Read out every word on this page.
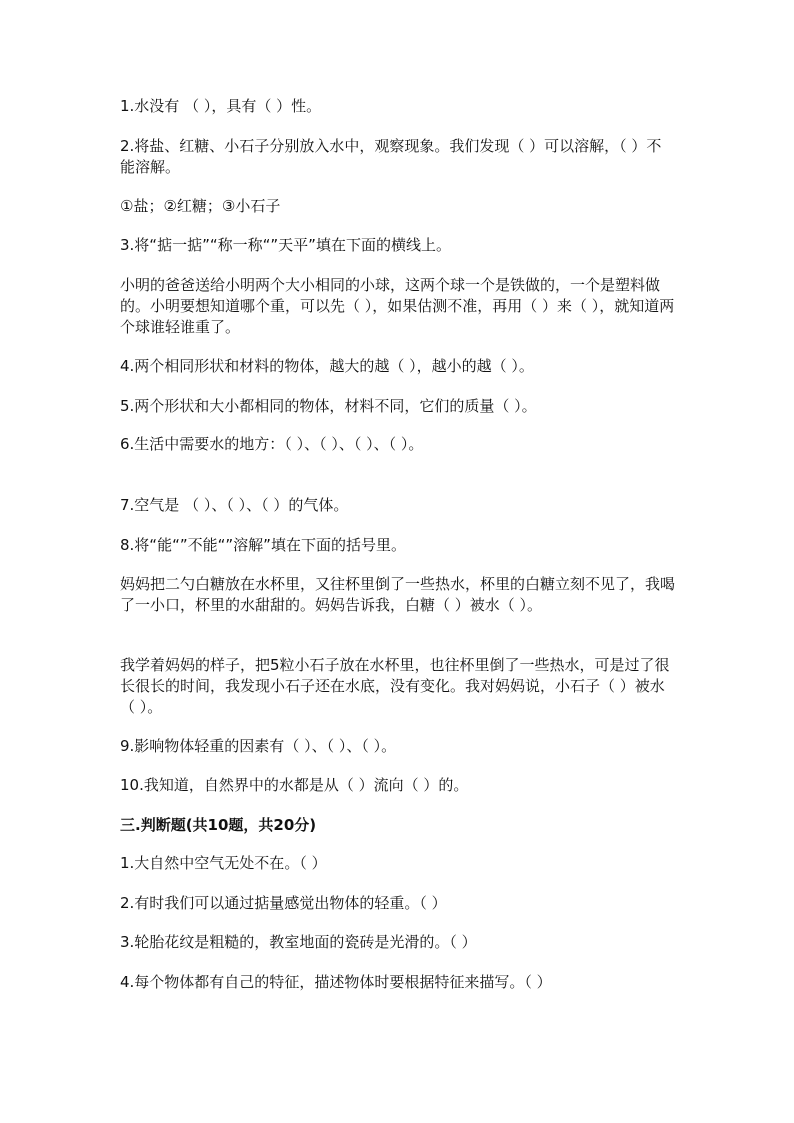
1.水没有 （ ），具有（ ）性。

2.将盐、红糖、小石子分别放入水中，观察现象。我们发现（ ）可以溶解，（ ）不能溶解。

①盐；②红糖；③小石子

3.将“掂一掂”“称一称“”天平”填在下面的横线上。

小明的爸爸送给小明两个大小相同的小球，这两个球一个是铁做的，一个是塑料做的。小明要想知道哪个重，可以先（ ），如果估测不准，再用（ ）来（ ），就知道两个球谁轻谁重了。

4.两个相同形状和材料的物体，越大的越（ ），越小的越（ ）。

5.两个形状和大小都相同的物体，材料不同，它们的质量（ ）。

6.生活中需要水的地方：（ ）、（ ）、（ ）、（ ）。

7.空气是 （ ）、（ ）、（ ）的气体。

8.将“能“”不能“”溶解”填在下面的括号里。

妈妈把二勺白糖放在水杯里，又往杯里倒了一些热水，杯里的白糖立刻不见了，我喝了一小口，杯里的水甜甜的。妈妈告诉我，白糖（ ）被水（ ）。

我学着妈妈的样子，把5粒小石子放在水杯里，也往杯里倒了一些热水，可是过了很长很长的时间，我发现小石子还在水底，没有变化。我对妈妈说，小石子（ ）被水（ ）。

9.影响物体轻重的因素有（ ）、（ ）、（ ）。

10.我知道，自然界中的水都是从（ ）流向（ ）的。

三.判断题(共10题，共20分)

1.大自然中空气无处不在。（ ）

2.有时我们可以通过掂量感觉出物体的轻重。（ ）

3.轮胎花纹是粗糙的，教室地面的瓷砖是光滑的。（ ）

4.每个物体都有自己的特征，描述物体时要根据特征来描写。（ ）
